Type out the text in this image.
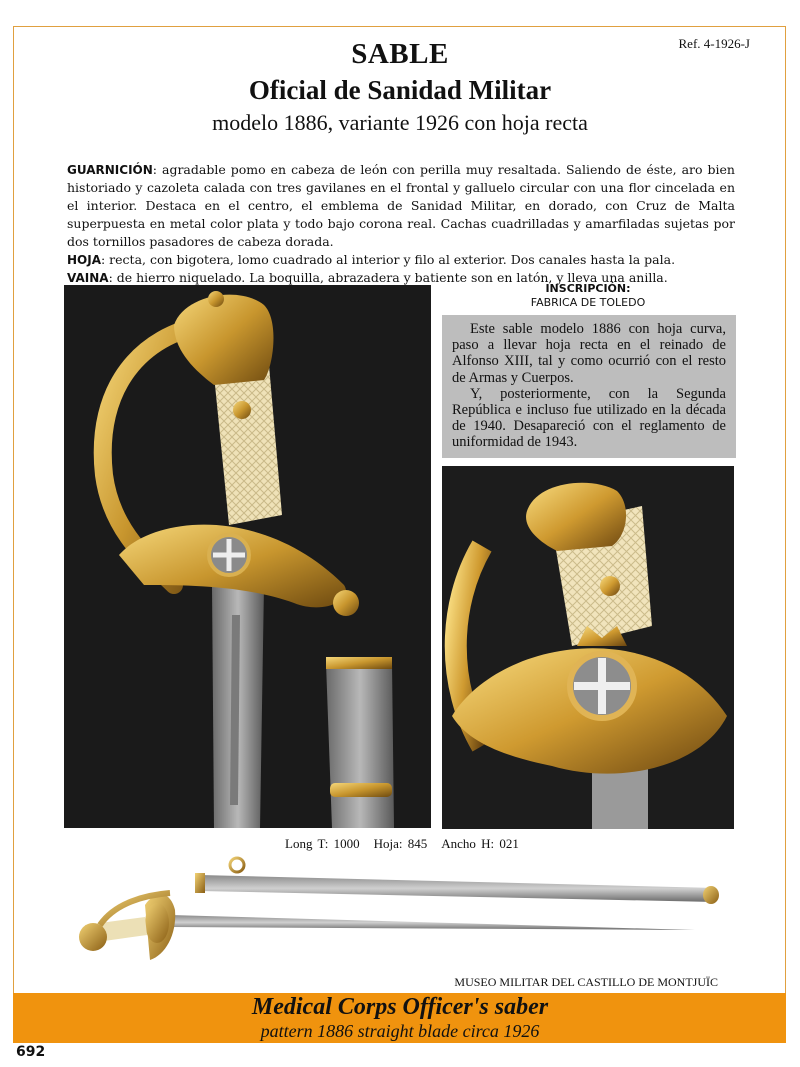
Ref. 4-1926-J
SABLE
Oficial de Sanidad Militar
modelo 1886, variante 1926 con hoja recta

GUARNICIÓN: agradable pomo en cabeza de león con perilla muy resaltada. Saliendo de éste, aro bien historiado y cazoleta calada con tres gavilanes en el frontal y galluelo circular con una flor cincelada en el interior. Destaca en el centro, el emblema de Sanidad Militar, en dorado, con Cruz de Malta superpuesta en metal color plata y todo bajo corona real. Cachas cuadrilladas y amarfiladas sujetas por dos tornillos pasadores de cabeza dorada.

HOJA: recta, con bigotera, lomo cuadrado al interior y filo al exterior. Dos canales hasta la pala.

VAINA: de hierro niquelado. La boquilla, abrazadera y batiente son en latón, y lleva una anilla.

INSCRIPCIÓN:
FABRICA DE TOLEDO

Este sable modelo 1886 con hoja curva, paso a llevar hoja recta en el reinado de Alfonso XIII, tal y como ocurrió con el resto de Armas y Cuerpos.

Y, posteriormente, con la Segunda República e incluso fue utilizado en la década de 1940. Desapareció con el reglamento de uniformidad de 1943.

Long T: 1000 Hoja: 845 Ancho H: 021
MUSEO MILITAR DEL CASTILLO DE MONTJUÏC
Medical Corps Officer's saber
pattern 1886 straight blade circa 1926
692
